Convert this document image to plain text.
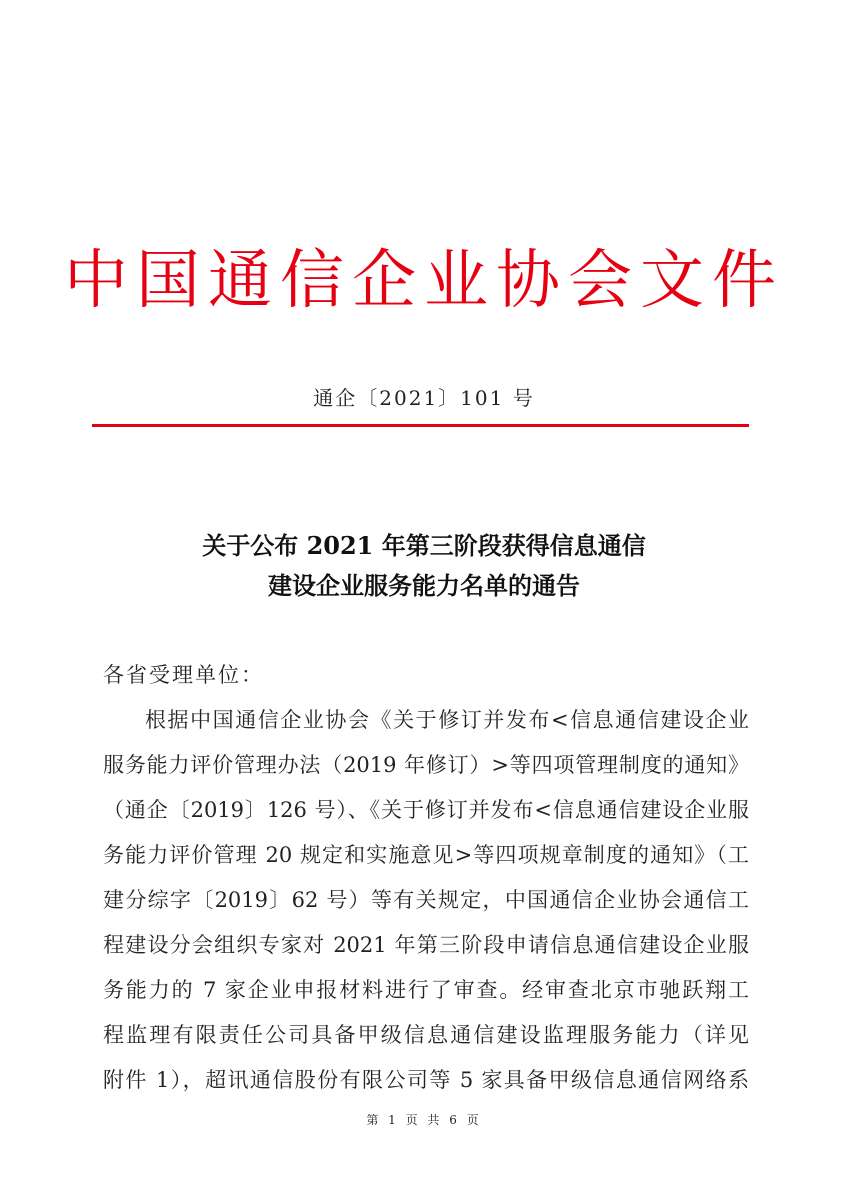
中国通信企业协会文件
通企〔2021〕101 号
关于公布 2021 年第三阶段获得信息通信
建设企业服务能力名单的通告
各省受理单位：
根据中国通信企业协会《关于修订并发布<信息通信建设企业
服务能力评价管理办法（2019 年修订）>等四项管理制度的通知》
（通企〔2019〕126 号）、《关于修订并发布<信息通信建设企业服
务能力评价管理 20 规定和实施意见>等四项规章制度的通知》（工
建分综字〔2019〕62 号）等有关规定，中国通信企业协会通信工
程建设分会组织专家对 2021 年第三阶段申请信息通信建设企业服
务能力的 7 家企业申报材料进行了审查。经审查北京市驰跃翔工
程监理有限责任公司具备甲级信息通信建设监理服务能力（详见
附件 1），超讯通信股份有限公司等 5 家具备甲级信息通信网络系
第 1 页 共 6 页
